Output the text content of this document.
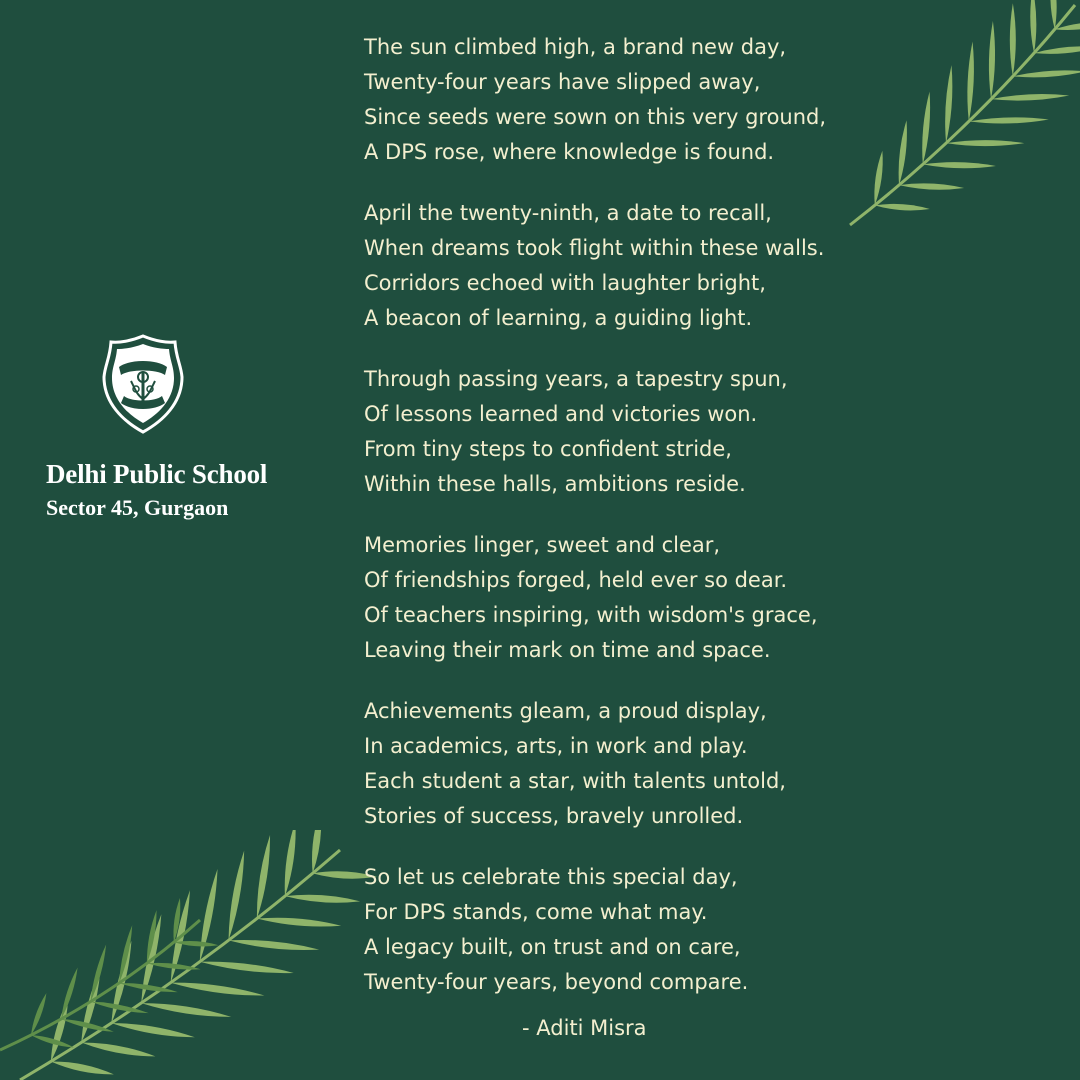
Delhi Public School
Sector 45, Gurgaon
The sun climbed high, a brand new day,
Twenty-four years have slipped away,
Since seeds were sown on this very ground,
A DPS rose, where knowledge is found.
April the twenty-ninth, a date to recall,
When dreams took flight within these walls.
Corridors echoed with laughter bright,
A beacon of learning, a guiding light.
Through passing years, a tapestry spun,
Of lessons learned and victories won.
From tiny steps to confident stride,
Within these halls, ambitions reside.
Memories linger, sweet and clear,
Of friendships forged, held ever so dear.
Of teachers inspiring, with wisdom's grace,
Leaving their mark on time and space.
Achievements gleam, a proud display,
In academics, arts, in work and play.
Each student a star, with talents untold,
Stories of success, bravely unrolled.
So let us celebrate this special day,
For DPS stands, come what may.
A legacy built, on trust and on care,
Twenty-four years, beyond compare.
- Aditi Misra
